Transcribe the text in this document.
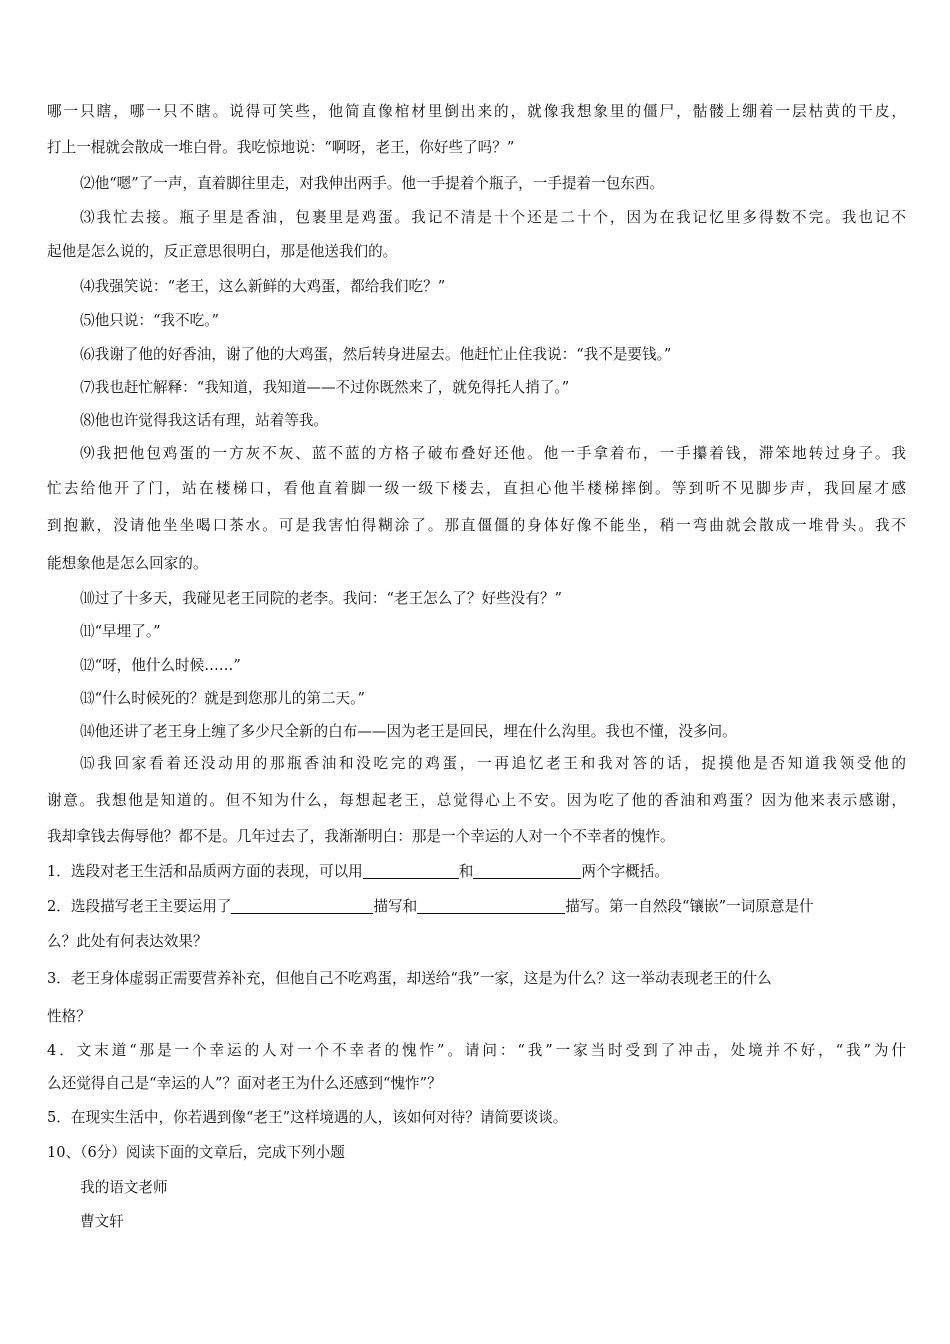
哪一只瞎，哪一只不瞎。说得可笑些，他简直像棺材里倒出来的，就像我想象里的僵尸，骷髅上绷着一层枯黄的干皮，
打上一棍就会散成一堆白骨。我吃惊地说：“啊呀，老王，你好些了吗？”
⑵他“嗯”了一声，直着脚往里走，对我伸出两手。他一手提着个瓶子，一手提着一包东西。
⑶我忙去接。瓶子里是香油，包裹里是鸡蛋。我记不清是十个还是二十个，因为在我记忆里多得数不完。我也记不
起他是怎么说的，反正意思很明白，那是他送我们的。
⑷我强笑说：“老王，这么新鲜的大鸡蛋，都给我们吃？”
⑸他只说：“我不吃。”
⑹我谢了他的好香油，谢了他的大鸡蛋，然后转身进屋去。他赶忙止住我说：“我不是要钱。”
⑺我也赶忙解释：“我知道，我知道——不过你既然来了，就免得托人捎了。”
⑻他也许觉得我这话有理，站着等我。
⑼我把他包鸡蛋的一方灰不灰、蓝不蓝的方格子破布叠好还他。他一手拿着布，一手攥着钱，滞笨地转过身子。我
忙去给他开了门，站在楼梯口，看他直着脚一级一级下楼去，直担心他半楼梯摔倒。等到听不见脚步声，我回屋才感
到抱歉，没请他坐坐喝口茶水。可是我害怕得糊涂了。那直僵僵的身体好像不能坐，稍一弯曲就会散成一堆骨头。我不
能想象他是怎么回家的。
⑽过了十多天，我碰见老王同院的老李。我问：“老王怎么了？好些没有？”
⑾“早埋了。”
⑿“呀，他什么时候……”
⒀“什么时候死的？就是到您那儿的第二天。”
⒁他还讲了老王身上缠了多少尺全新的白布——因为老王是回民，埋在什么沟里。我也不懂，没多问。
⒂我回家看着还没动用的那瓶香油和没吃完的鸡蛋，一再追忆老王和我对答的话，捉摸他是否知道我领受他的
谢意。我想他是知道的。但不知为什么，每想起老王，总觉得心上不安。因为吃了他的香油和鸡蛋？因为他来表示感谢，
我却拿钱去侮辱他？都不是。几年过去了，我渐渐明白：那是一个幸运的人对一个不幸者的愧怍。
1．选段对老王生活和品质两方面的表现，可以用	和	两个字概括。
2．选段描写老王主要运用了	描写和	描写。第一自然段“镶嵌”一词原意是什
么？此处有何表达效果？
3．老王身体虚弱正需要营养补充，但他自己不吃鸡蛋，却送给“我”一家，这是为什么？这一举动表现老王的什么
性格？
4．文末道“那是一个幸运的人对一个不幸者的愧怍”。请问：“我”一家当时受到了冲击，处境并不好，“我”为什
么还觉得自己是“幸运的人”？面对老王为什么还感到“愧怍”？
5．在现实生活中，你若遇到像“老王”这样境遇的人，该如何对待？请简要谈谈。
10、（6分）阅读下面的文章后，完成下列小题
我的语文老师
曹文轩
